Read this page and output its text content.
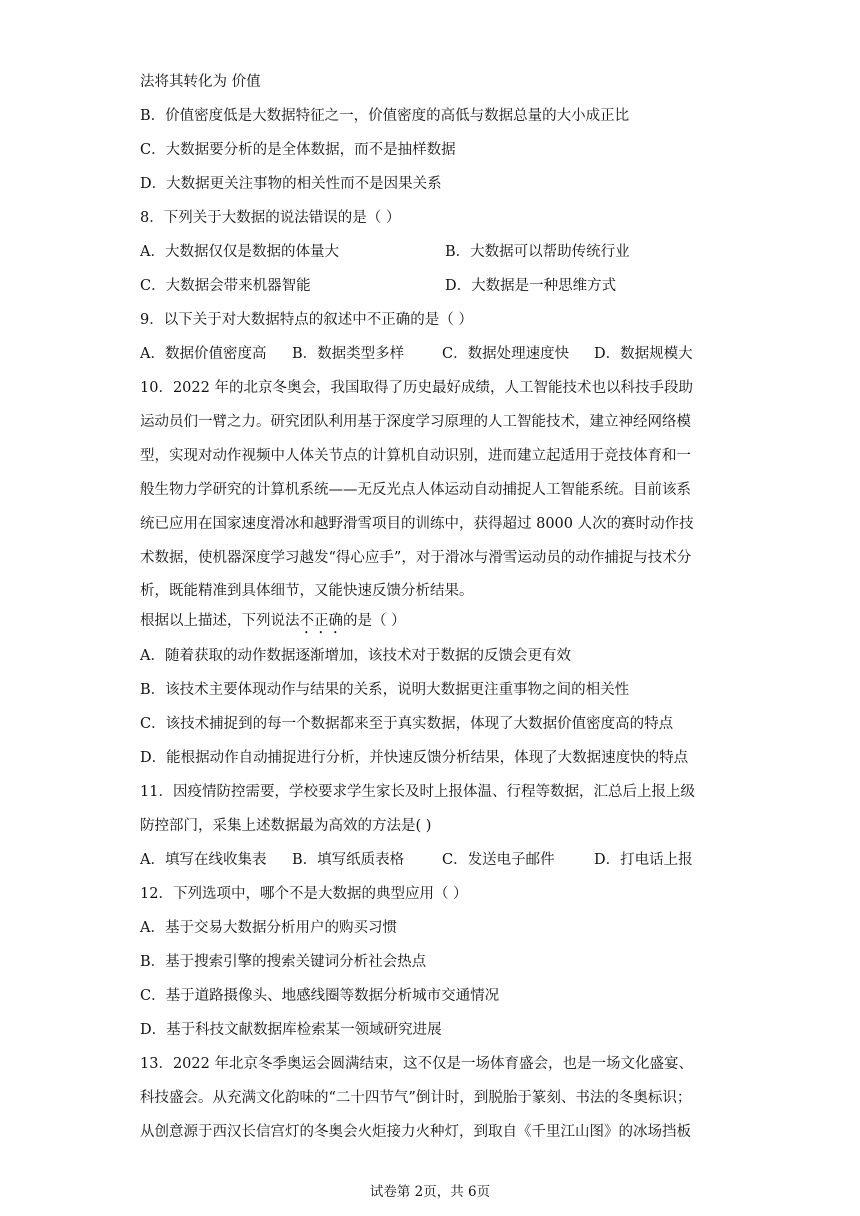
法将其转化为 价值
B．价值密度低是大数据特征之一，价值密度的高低与数据总量的大小成正比
C．大数据要分析的是全体数据，而不是抽样数据
D．大数据更关注事物的相关性而不是因果关系
8．下列关于大数据的说法错误的是（ ）
A．大数据仅仅是数据的体量大	B．大数据可以帮助传统行业
C．大数据会带来机器智能	D．大数据是一种思维方式
9．以下关于对大数据特点的叙述中不正确的是（ ）
A．数据价值密度高 B．数据类型多样	C．数据处理速度快 D．数据规模大
10．2022 年的北京冬奥会，我国取得了历史最好成绩，人工智能技术也以科技手段助
运动员们一臂之力。研究团队利用基于深度学习原理的人工智能技术，建立神经网络模
型，实现对动作视频中人体关节点的计算机自动识别，进而建立起适用于竞技体育和一
般生物力学研究的计算机系统——无反光点人体运动自动捕捉人工智能系统。目前该系
统已应用在国家速度滑冰和越野滑雪项目的训练中，获得超过 8000 人次的赛时动作技
术数据，使机器深度学习越发“得心应手”，对于滑冰与滑雪运动员的动作捕捉与技术分
析，既能精准到具体细节，又能快速反馈分析结果。
根据以上描述，下列说法不正确的是（ ）
A．随着获取的动作数据逐渐增加，该技术对于数据的反馈会更有效
B．该技术主要体现动作与结果的关系，说明大数据更注重事物之间的相关性
C．该技术捕捉到的每一个数据都来至于真实数据，体现了大数据价值密度高的特点
D．能根据动作自动捕捉进行分析，并快速反馈分析结果，体现了大数据速度快的特点
11．因疫情防控需要，学校要求学生家长及时上报体温、行程等数据，汇总后上报上级
防控部门，采集上述数据最为高效的方法是( )
A．填写在线收集表 B．填写纸质表格	C．发送电子邮件	D．打电话上报
12．下列选项中，哪个不是大数据的典型应用（ ）
A．基于交易大数据分析用户的购买习惯
B．基于搜索引擎的搜索关键词分析社会热点
C．基于道路摄像头、地感线圈等数据分析城市交通情况
D．基于科技文献数据库检索某一领域研究进展
13．2022 年北京冬季奥运会圆满结束，这不仅是一场体育盛会，也是一场文化盛宴、
科技盛会。从充满文化韵味的“二十四节气”倒计时，到脱胎于篆刻、书法的冬奥标识；
从创意源于西汉长信宫灯的冬奥会火炬接力火种灯，到取自《千里江山图》的冰场挡板
试卷第 2页，共 6页
